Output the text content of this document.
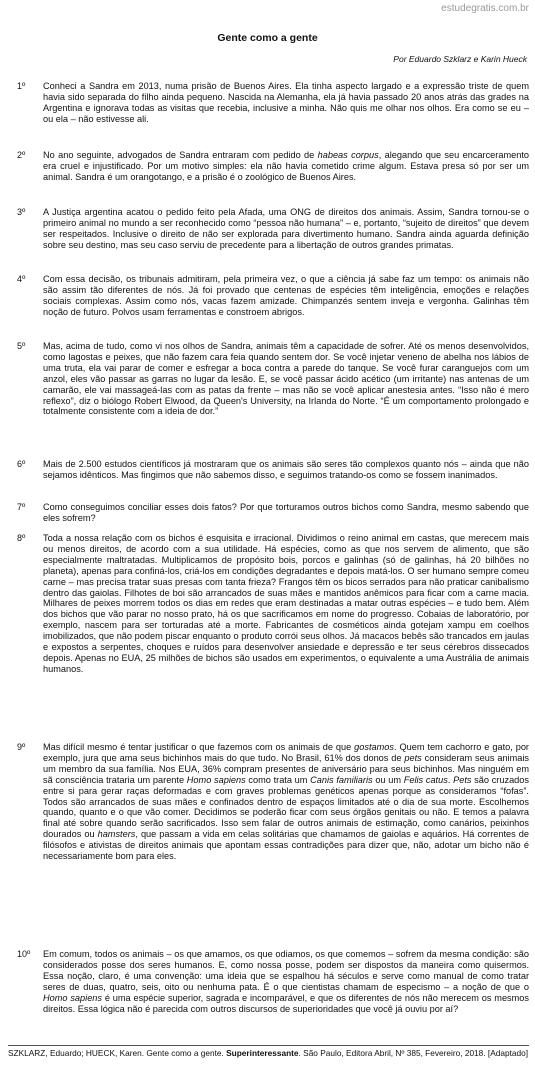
estudegratis.com.br
Gente como a gente
Por Eduardo Szklarz e Karin Hueck
1º Conheci a Sandra em 2013, numa prisão de Buenos Aires. Ela tinha aspecto largado e a expressão triste de quem havia sido separada do filho ainda pequeno. Nascida na Alemanha, ela já havia passado 20 anos atrás das grades na Argentina e ignorava todas as visitas que recebia, inclusive a minha. Não quis me olhar nos olhos. Era como se eu – ou ela – não estivesse ali.
2º No ano seguinte, advogados de Sandra entraram com pedido de habeas corpus, alegando que seu encarceramento era cruel e injustificado. Por um motivo simples: ela não havia cometido crime algum. Estava presa só por ser um animal. Sandra é um orangotango, e a prisão é o zoológico de Buenos Aires.
3º A Justiça argentina acatou o pedido feito pela Afada, uma ONG de direitos dos animais. Assim, Sandra tornou-se o primeiro animal no mundo a ser reconhecido como “pessoa não humana” – e, portanto, “sujeito de direitos” que devem ser respeitados. Inclusive o direito de não ser explorada para divertimento humano. Sandra ainda aguarda definição sobre seu destino, mas seu caso serviu de precedente para a libertação de outros grandes primatas.
4º Com essa decisão, os tribunais admitiram, pela primeira vez, o que a ciência já sabe faz um tempo: os animais não são assim tão diferentes de nós. Já foi provado que centenas de espécies têm inteligência, emoções e relações sociais complexas. Assim como nós, vacas fazem amizade. Chimpanzés sentem inveja e vergonha. Galinhas têm noção de futuro. Polvos usam ferramentas e constroem abrigos.
5º Mas, acima de tudo, como vi nos olhos de Sandra, animais têm a capacidade de sofrer. Até os menos desenvolvidos, como lagostas e peixes, que não fazem cara feia quando sentem dor. Se você injetar veneno de abelha nos lábios de uma truta, ela vai parar de comer e esfregar a boca contra a parede do tanque. Se você furar caranguejos com um anzol, eles vão passar as garras no lugar da lesão. E, se você passar ácido acético (um irritante) nas antenas de um camarão, ele vai massageá-las com as patas da frente – mas não se você aplicar anestesia antes. “Isso não é mero reflexo”, diz o biólogo Robert Elwood, da Queen's University, na Irlanda do Norte. “É um comportamento prolongado e totalmente consistente com a ideia de dor.”
6º Mais de 2.500 estudos científicos já mostraram que os animais são seres tão complexos quanto nós – ainda que não sejamos idênticos. Mas fingimos que não sabemos disso, e seguimos tratando-os como se fossem inanimados.
7º Como conseguimos conciliar esses dois fatos? Por que torturamos outros bichos como Sandra, mesmo sabendo que eles sofrem?
8º Toda a nossa relação com os bichos é esquisita e irracional. Dividimos o reino animal em castas, que merecem mais ou menos direitos, de acordo com a sua utilidade. Há espécies, como as que nos servem de alimento, que são especialmente maltratadas. Multiplicamos de propósito bois, porcos e galinhas (só de galinhas, há 20 bilhões no planeta), apenas para confiná-los, criá-los em condições degradantes e depois matá-los. O ser humano sempre comeu carne – mas precisa tratar suas presas com tanta frieza? Frangos têm os bicos serrados para não praticar canibalismo dentro das gaiolas. Filhotes de boi são arrancados de suas mães e mantidos anêmicos para ficar com a carne macia. Milhares de peixes morrem todos os dias em redes que eram destinadas a matar outras espécies – e tudo bem. Além dos bichos que vão parar no nosso prato, há os que sacrificamos em nome do progresso. Cobaias de laboratório, por exemplo, nascem para ser torturadas até a morte. Fabricantes de cosméticos ainda gotejam xampu em coelhos imobilizados, que não podem piscar enquanto o produto corrói seus olhos. Já macacos bebês são trancados em jaulas e expostos a serpentes, choques e ruídos para desenvolver ansiedade e depressão e ter seus cérebros dissecados depois. Apenas no EUA, 25 milhões de bichos são usados em experimentos, o equivalente a uma Austrália de animais humanos.
9º Mas difícil mesmo é tentar justificar o que fazemos com os animais de que gostamos. Quem tem cachorro e gato, por exemplo, jura que ama seus bichinhos mais do que tudo. No Brasil, 61% dos donos de pets consideram seus animais um membro da sua família. Nos EUA, 36% compram presentes de aniversário para seus bichinhos. Mas ninguém em sã consciência trataria um parente Homo sapiens como trata um Canis familiaris ou um Felis catus. Pets são cruzados entre si para gerar raças deformadas e com graves problemas genéticos apenas porque as consideramos “fofas”. Todos são arrancados de suas mães e confinados dentro de espaços limitados até o dia de sua morte. Escolhemos quando, quanto e o que vão comer. Decidimos se poderão ficar com seus órgãos genitais ou não. E temos a palavra final até sobre quando serão sacrificados. Isso sem falar de outros animais de estimação, como canários, peixinhos dourados ou hamsters, que passam a vida em celas solitárias que chamamos de gaiolas e aquários. Há correntes de filósofos e ativistas de direitos animais que apontam essas contradições para dizer que, não, adotar um bicho não é necessariamente bom para eles.
10º Em comum, todos os animais – os que amamos, os que odiamos, os que comemos – sofrem da mesma condição: são considerados posse dos seres humanos. E, como nossa posse, podem ser dispostos da maneira como quisermos. Essa noção, claro, é uma convenção: uma ideia que se espalhou há séculos e serve como manual de como tratar seres de duas, quatro, seis, oito ou nenhuma pata. É o que cientistas chamam de especismo – a noção de que o Homo sapiens é uma espécie superior, sagrada e incomparável, e que os diferentes de nós não merecem os mesmos direitos. Essa lógica não é parecida com outros discursos de superioridades que você já ouviu por aí?
SZKLARZ, Eduardo; HUECK, Karen. Gente como a gente. Superinteressante. São Paulo, Editora Abril, Nº 385, Fevereiro, 2018. [Adaptado]
